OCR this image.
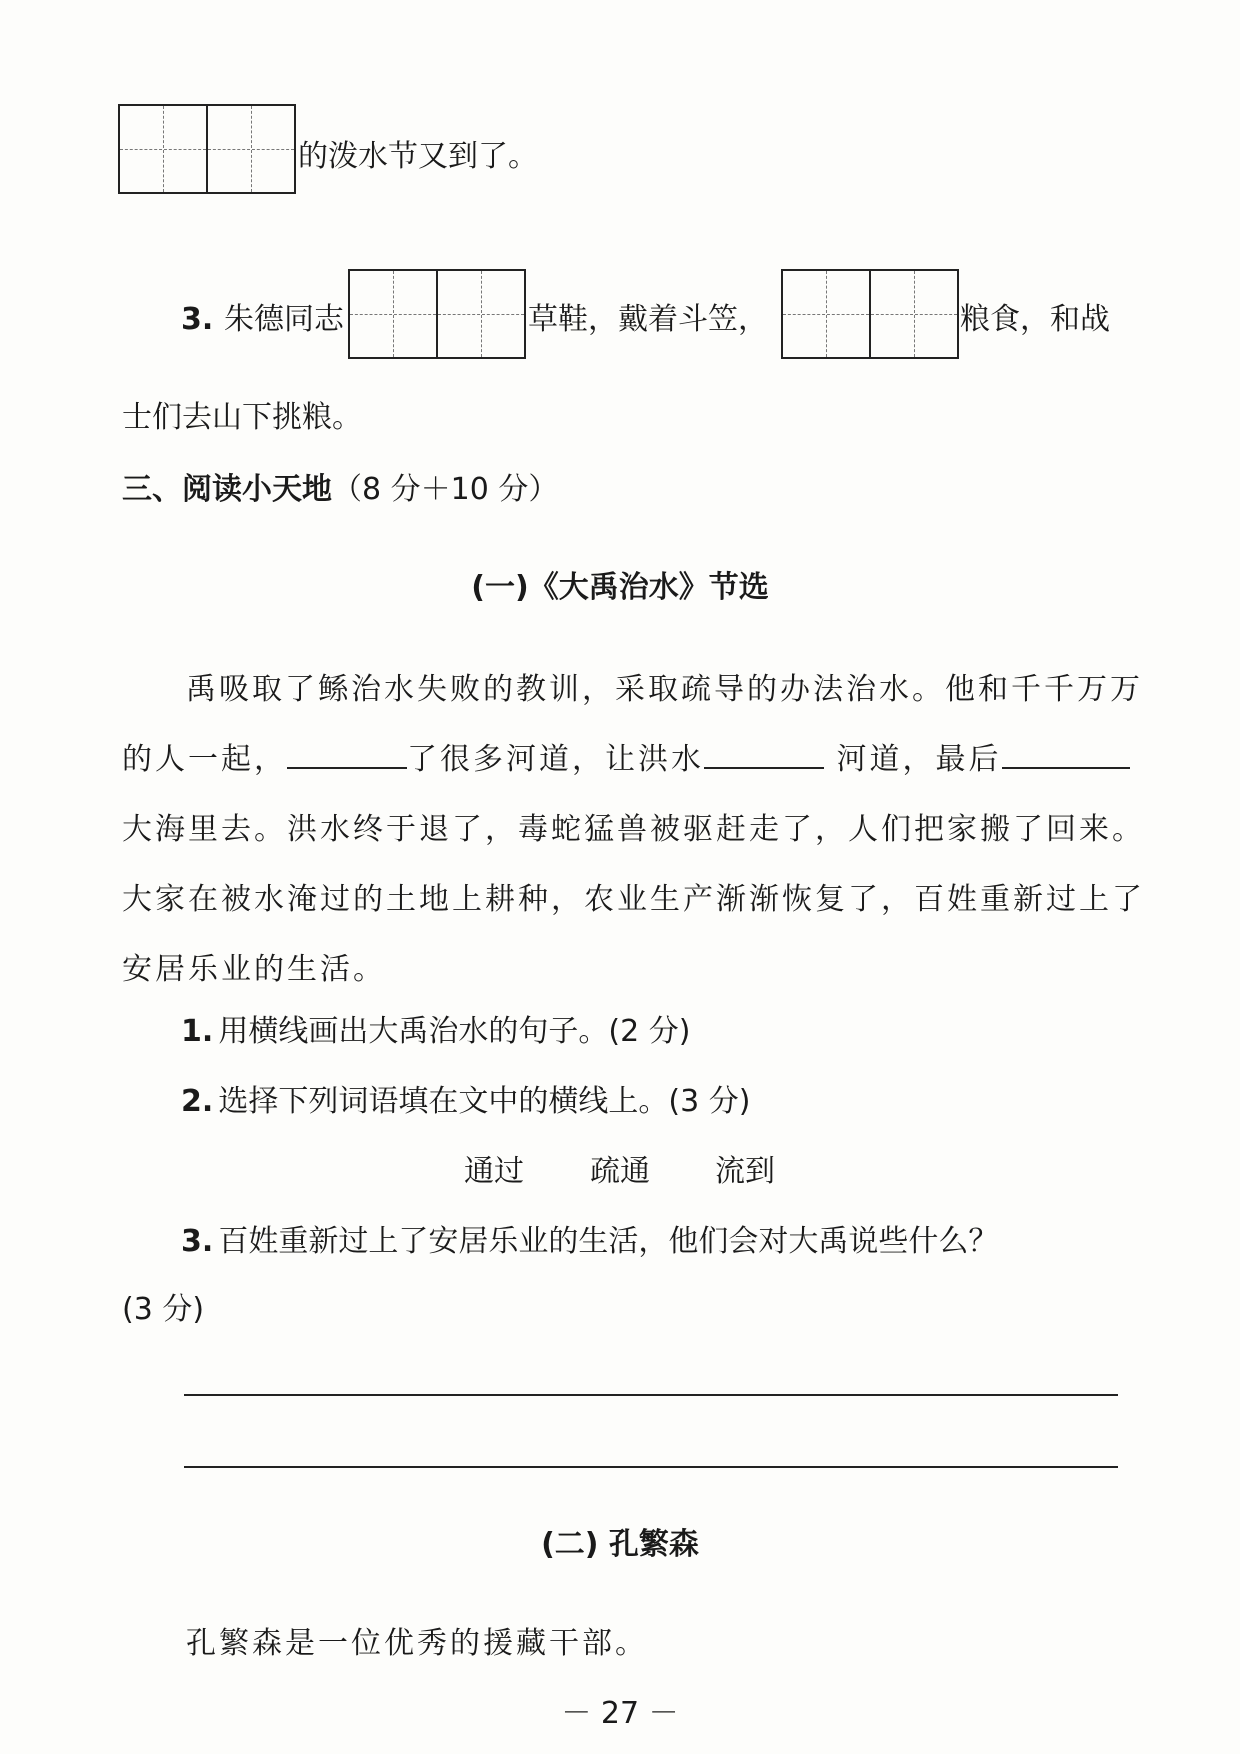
的泼水节又到了。
3. 朱德同志	草鞋，戴着斗笠，	粮食，和战
士们去山下挑粮。
三、阅读小天地（8 分＋10 分）
(一)《大禹治水》节选
禹吸取了鲧治水失败的教训，采取疏导的办法治水。他和千千万万
的人一起，	了很多河道，让洪水	河道，最后
大海里去。洪水终于退了，毒蛇猛兽被驱赶走了，人们把家搬了回来。
大家在被水淹过的土地上耕种，农业生产渐渐恢复了，百姓重新过上了
安居乐业的生活。
1. 用横线画出大禹治水的句子。(2 分)
2. 选择下列词语填在文中的横线上。(3 分)
通过 疏通 流到
3. 百姓重新过上了安居乐业的生活，他们会对大禹说些什么？
(3 分)
(二) 孔繁森
孔繁森是一位优秀的援藏干部。
－ 27 －
